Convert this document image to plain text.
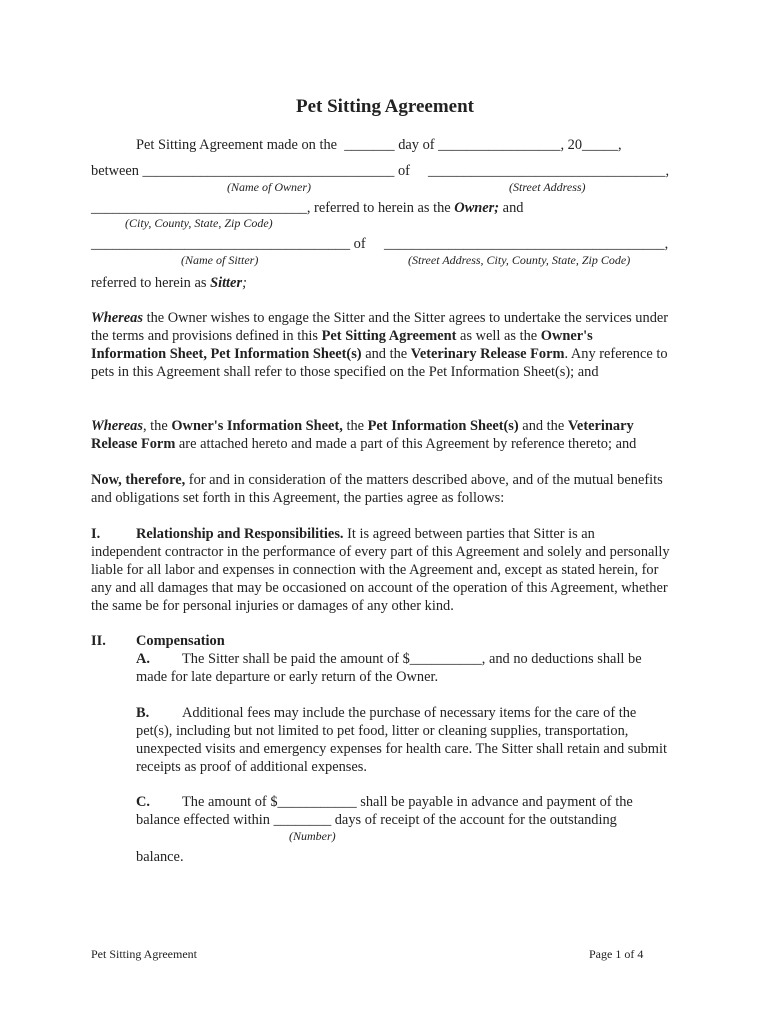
Pet Sitting Agreement
Pet Sitting Agreement made on the  _______ day of _________________, 20_____,
between ___________________________________ of _________________________________,
(Name of Owner)	(Street Address)
______________________________, referred to herein as the Owner; and
(City, County, State, Zip Code)
____________________________________ of _______________________________________,
(Name of Sitter)	(Street Address, City, County, State, Zip Code)
referred to herein as Sitter;
Whereas the Owner wishes to engage the Sitter and the Sitter agrees to undertake the services under the terms and provisions defined in this Pet Sitting Agreement as well as the Owner's Information Sheet, Pet Information Sheet(s) and the Veterinary Release Form. Any reference to pets in this Agreement shall refer to those specified on the Pet Information Sheet(s); and
Whereas, the Owner's Information Sheet, the Pet Information Sheet(s) and the Veterinary Release Form are attached hereto and made a part of this Agreement by reference thereto; and
Now, therefore, for and in consideration of the matters described above, and of the mutual benefits and obligations set forth in this Agreement, the parties agree as follows:
I. Relationship and Responsibilities. It is agreed between parties that Sitter is an
independent contractor in the performance of every part of this Agreement and solely and personally liable for all labor and expenses in connection with the Agreement and, except as stated herein, for any and all damages that may be occasioned on account of the operation of this Agreement, whether the same be for personal injuries or damages of any other kind.
II. Compensation
A. The Sitter shall be paid the amount of $__________, and no deductions shall be made for late departure or early return of the Owner.
B. Additional fees may include the purchase of necessary items for the care of the pet(s), including but not limited to pet food, litter or cleaning supplies, transportation, unexpected visits and emergency expenses for health care. The Sitter shall retain and submit receipts as proof of additional expenses.
C. The amount of $___________ shall be payable in advance and payment of the
balance effected within ________ days of receipt of the account for the outstanding
(Number)
balance.
Pet Sitting Agreement	Page 1 of 4
